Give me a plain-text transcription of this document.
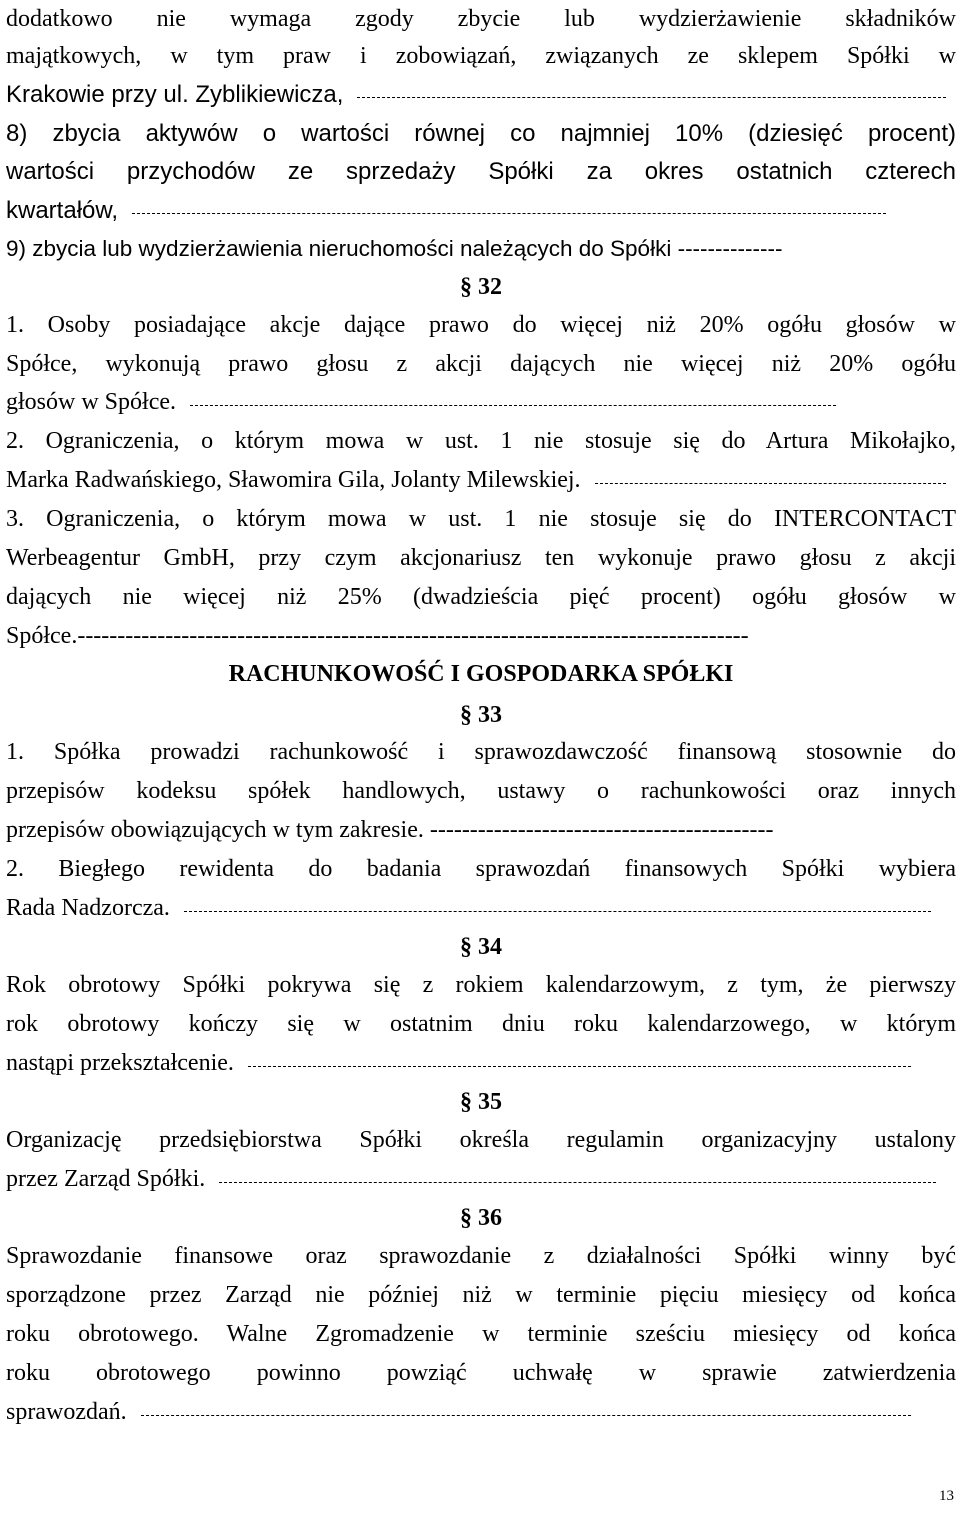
dodatkowo nie wymaga zgody zbycie lub wydzierżawienie składników
majątkowych, w tym praw i zobowiązań, związanych ze sklepem Spółki w
Krakowie przy ul. Zyblikiewicza,
8) zbycia aktywów o wartości równej co najmniej 10% (dziesięć procent)
wartości przychodów ze sprzedaży Spółki za okres ostatnich czterech
kwartałów,
9) zbycia lub wydzierżawienia nieruchomości należących do Spółki --------------
§ 32
1. Osoby posiadające akcje dające prawo do więcej niż 20% ogółu głosów w
Spółce, wykonują prawo głosu z akcji dających nie więcej niż 20% ogółu
głosów w Spółce.
2. Ograniczenia, o którym mowa w ust. 1 nie stosuje się do Artura Mikołajko,
Marka Radwańskiego, Sławomira Gila, Jolanty Milewskiej.
3. Ograniczenia, o którym mowa w ust. 1 nie stosuje się do INTERCONTACT
Werbeagentur GmbH, przy czym akcjonariusz ten wykonuje prawo głosu z akcji
dających nie więcej niż 25% (dwadzieścia pięć procent) ogółu głosów w
Spółce.------------------------------------------------------------------------------------
RACHUNKOWOŚĆ I GOSPODARKA SPÓŁKI
§ 33
1. Spółka prowadzi rachunkowość i sprawozdawczość finansową stosownie do
przepisów kodeksu spółek handlowych, ustawy o rachunkowości oraz innych
przepisów obowiązujących w tym zakresie. -------------------------------------------
2. Biegłego rewidenta do badania sprawozdań finansowych Spółki wybiera
Rada Nadzorcza.
§ 34
Rok obrotowy Spółki pokrywa się z rokiem kalendarzowym, z tym, że pierwszy
rok obrotowy kończy się w ostatnim dniu roku kalendarzowego, w którym
nastąpi przekształcenie.
§ 35
Organizację przedsiębiorstwa Spółki określa regulamin organizacyjny ustalony
przez Zarząd Spółki.
§ 36
Sprawozdanie finansowe oraz sprawozdanie z działalności Spółki winny być
sporządzone przez Zarząd nie później niż w terminie pięciu miesięcy od końca
roku obrotowego. Walne Zgromadzenie w terminie sześciu miesięcy od końca
roku obrotowego powinno powziąć uchwałę w sprawie zatwierdzenia
sprawozdań.
13
